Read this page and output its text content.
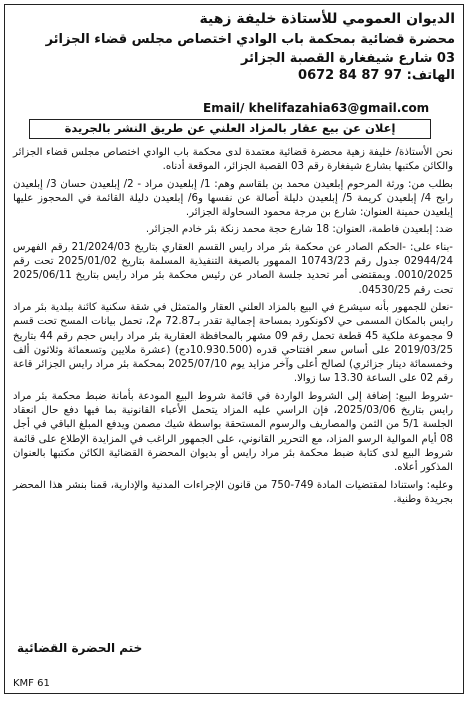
الديوان العمومي للأستاذة خليفة زهية
محضرة قضائية بمحكمة باب الوادي اختصاص مجلس قضاء الجزائر
03 شارع شيفغارة القصبة الجزائر
الهاتف: 0672 84 87 97
Email/ khelifazahia63@gmail.com
إعلان عن بيع عقار بالمزاد العلني عن طريق النشر بالجريدة

نحن الأستاذة/ خليفة زهية محضرة قضائية معتمدة لدى محكمة باب الوادي اختصاص مجلس قضاء الجزائر والكائن مكتبها بشارع شيفغارة رقم 03 القصبة الجزائر، الموقعة أدناه.

بطلب من: ورثة المرحوم إبلعيدن محمد بن بلقاسم وهم: 1/ إبلعيدن مراد - 2/ إبلعيدن حسان 3/ إبلعيدن رابح 4/ إبلعيدن كريمة 5/ إبلعيدن دليلة أصالة عن نفسها و6/ إبلعيدن دليلة القائمة في المحجوز عليها إبلعيدن حمينة العنوان: شارع بن مرجة محمود السحاولة الجزائر.

ضد: إبلعيدن فاطمة، العنوان: 18 شارع حجة محمد زنكة بئر خادم الجزائر.

-بناء على: -الحكم الصادر عن محكمة بئر مراد رايس القسم العقاري بتاريخ 21/2024/03 رقم الفهرس 02944/24 جدول رقم 10743/23 الممهور بالصيغة التنفيذية المسلمة بتاريخ 2025/01/02 تحت رقم 0010/2025. وبمقتضى أمر تحديد جلسة الصادر عن رئيس محكمة بئر مراد رايس بتاريخ 2025/06/11 تحت رقم 04530/25.

-نعلن للجمهور بأنه سيشرع في البيع بالمزاد العلني العقار والمتمثل في شقة سكنية كائنة ببلدية بئر مراد رايس بالمكان المسمى حي لاكونكورد بمساحة إجمالية تقدر بـ72.87 م2، تحمل بيانات المسح تحت قسم 9 مجموعة ملكية 45 قطعة تحمل رقم 09 مشهر بالمحافظة العقارية بئر مراد رايس حجم رقم 44 بتاريخ 2019/03/25 على أساس سعر افتتاحي قدره (10.930.500دج) (عشرة ملايين وتسعمائة وثلاثون ألف وخمسمائة دينار جزائري) لصالح أعلى وآخر مزايد يوم 2025/07/10 بمحكمة بئر مراد رايس الجزائر قاعة رقم 02 على الساعة 13.30 سا زوالا.

-شروط البيع: إضافة إلى الشروط الواردة في قائمة شروط البيع المودعة بأمانة ضبط محكمة بئر مراد رايس بتاريخ 2025/03/06، فإن الراسي عليه المزاد يتحمل الأعباء القانونية بما فيها دفع حال انعقاد الجلسة 5/1 من الثمن والمصاريف والرسوم المستحقة بواسطة شيك مصمن ويدفع المبلغ الباقي في أجل 08 أيام الموالية الرسو المزاد، مع التحرير القانوني، على الجمهور الراغب في المزايدة الإطلاع على قائمة شروط البيع لدى كتابة ضبط محكمة بئر مراد رايس أو بديوان المحضرة القضائية الكائن مكتبها بالعنوان المذكور أعلاه.

وعليه: واستنادا لمقتضيات المادة 749-750 من قانون الإجراءات المدنية والإدارية، قمنا بنشر هذا المحضر بجريدة وطنية.

ختم الحضرة القضائية
KMF 61
